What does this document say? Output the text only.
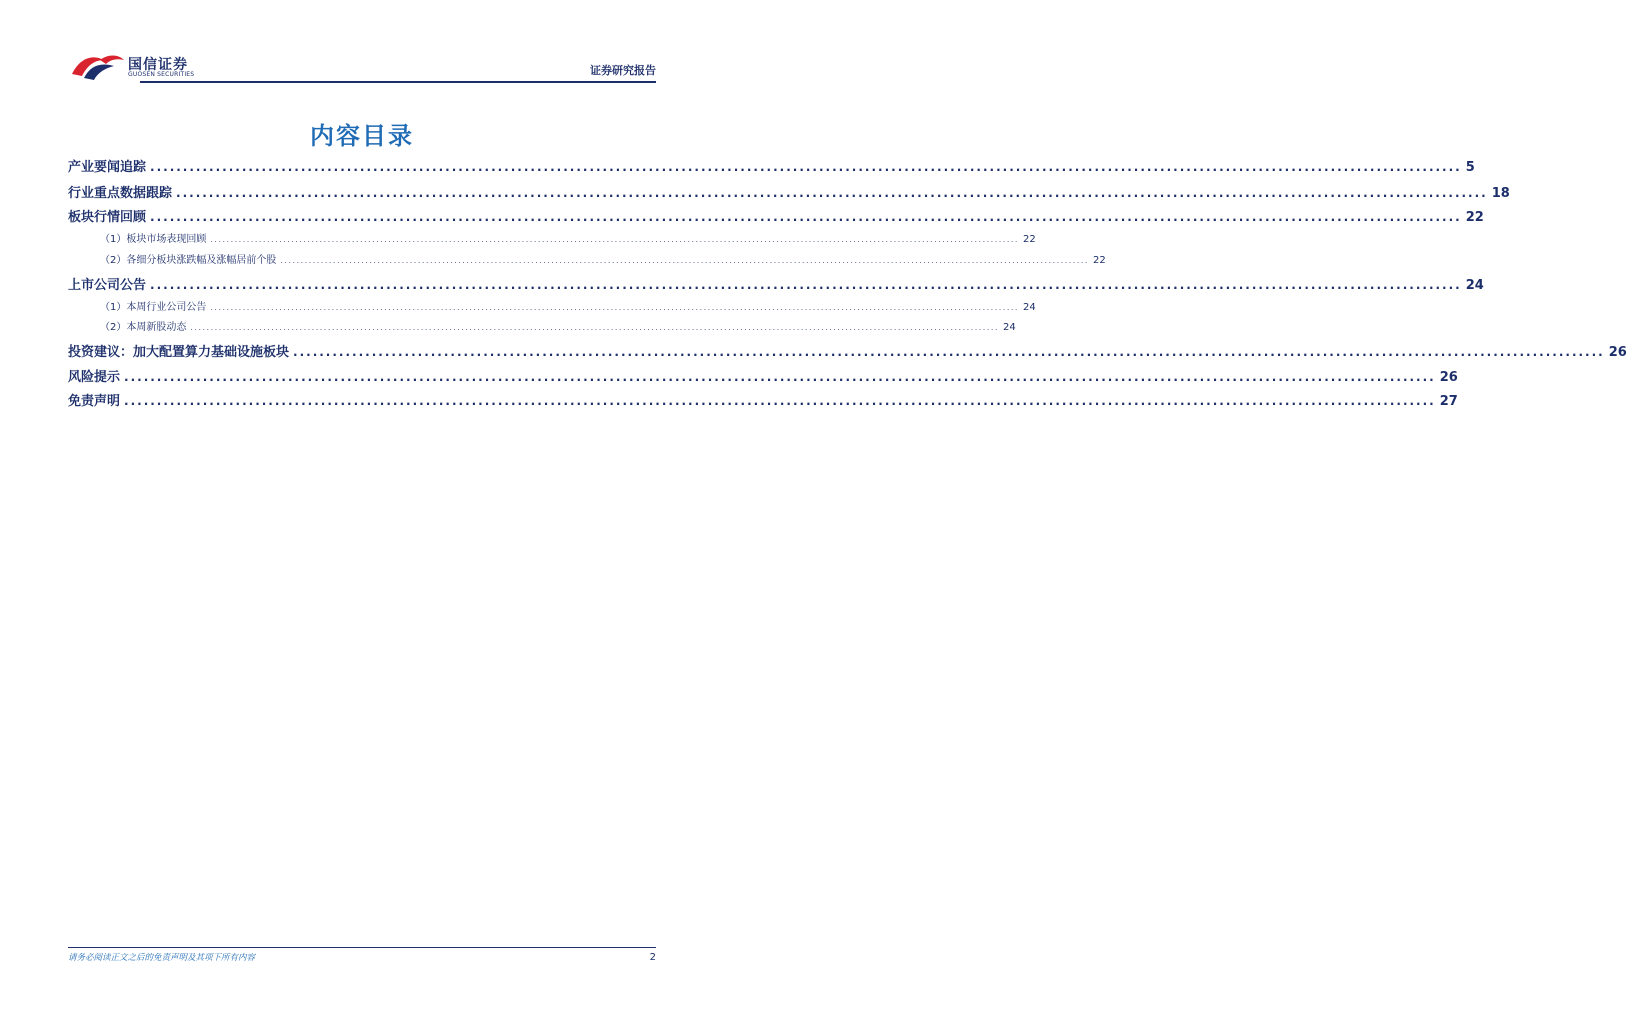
国信证券
GUOSEN SECURITIES	证券研究报告
内容目录
产业要闻追踪 ........................................................................................................................................................................................................ 5
行业重点数据跟踪 ........................................................................................................................................................................................................ 18
板块行情回顾 ........................................................................................................................................................................................................ 22
（1）板块市场表现回顾 ........................................................................................................................................................................................................ 22
（2）各细分板块涨跌幅及涨幅居前个股 ........................................................................................................................................................................................................ 22
上市公司公告 ........................................................................................................................................................................................................ 24
（1）本周行业公司公告 ........................................................................................................................................................................................................ 24
（2）本周新股动态 ........................................................................................................................................................................................................ 24
投资建议：加大配置算力基础设施板块 ........................................................................................................................................................................................................ 26
风险提示 ........................................................................................................................................................................................................ 26
免责声明 ........................................................................................................................................................................................................ 27
请务必阅读正文之后的免责声明及其项下所有内容	2
